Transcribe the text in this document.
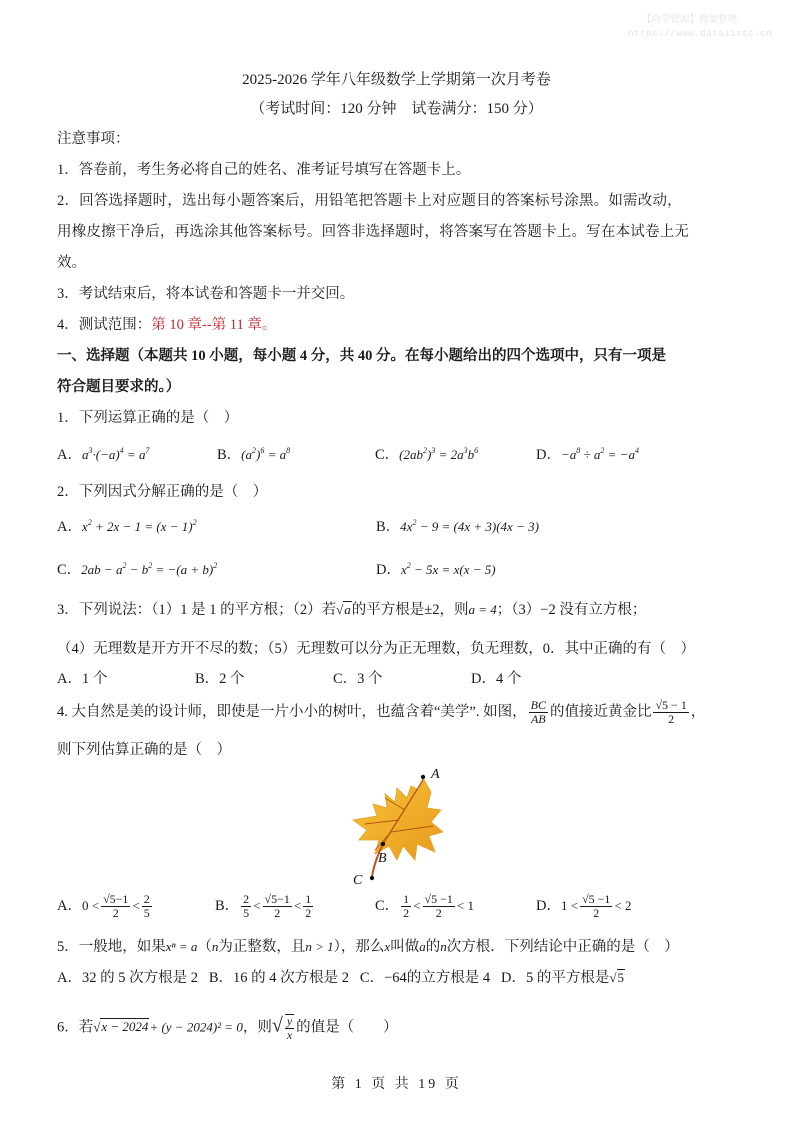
【尚学资源】搜集整理:
https://www.datalists.cn
2025-2026 学年八年级数学上学期第一次月考卷
（考试时间：120 分钟　试卷满分：150 分）
注意事项：
1．答卷前，考生务必将自己的姓名、准考证号填写在答题卡上。
2．回答选择题时，选出每小题答案后，用铅笔把答题卡上对应题目的答案标号涂黑。如需改动，
用橡皮擦干净后，再选涂其他答案标号。回答非选择题时，将答案写在答题卡上。写在本试卷上无
效。
3．考试结束后，将本试卷和答题卡一并交回。
4．测试范围：第 10 章--第 11 章。
一、选择题（本题共 10 小题，每小题 4 分，共 40 分。在每小题给出的四个选项中，只有一项是
符合题目要求的。）
1．下列运算正确的是（　）
A．$a^3\cdot(-a)^4 = a^7$	B．$(a^2)^6 = a^8$	C．$(2ab^2)^3 = 2a^3b^6$	D．$-a^8 \div a^2 = -a^4$
2．下列因式分解正确的是（　）
A．$x^2 + 2x - 1 = (x - 1)^2$	B．$4x^2 - 9 = (4x + 3)(4x - 3)$
C．$2ab - a^2 - b^2 = -(a + b)^2$	D．$x^2 - 5x = x(x - 5)$
3．下列说法：（1）1 是 1 的平方根；（2）若√a的平方根是±2，则a = 4；（3）−2 没有立方根；
（4）无理数是开方开不尽的数；（5）无理数可以分为正无理数，负无理数，0．其中正确的有（　）
A．1 个	B．2 个	C．3 个	D．4 个
4. 大自然是美的设计师，即使是一片小小的树叶，也蕴含着“美学”. 如图， $\frac{BC}{AB}$ 的值接近黄金比 $\frac{√5 - 1}{2}$ ，
则下列估算正确的是（　）
A
B
C
A．$0 < \frac{√5-1}{2} < \frac{2}{5}$	B． $\frac{2}{5} < \frac{√5-1}{2} < \frac{1}{2}$	C． $\frac{1}{2} < \frac{√5 -1}{2} < 1$	D．$1 < \frac{√5 -1}{2} < 2$
5．一般地，如果xⁿ = a（n为正整数，且n > 1），那么x叫做a的n次方根．下列结论中正确的是（　）
A．32 的 5 次方根是 2 B．16 的 4 次方根是 2 C．−64的立方根是 4 D．5 的平方根是√5
6．若√x − 2024+ (y − 2024)² = 0，则√ $\frac{y}{x}$ 的值是（　　）
第 1 页 共 19 页
